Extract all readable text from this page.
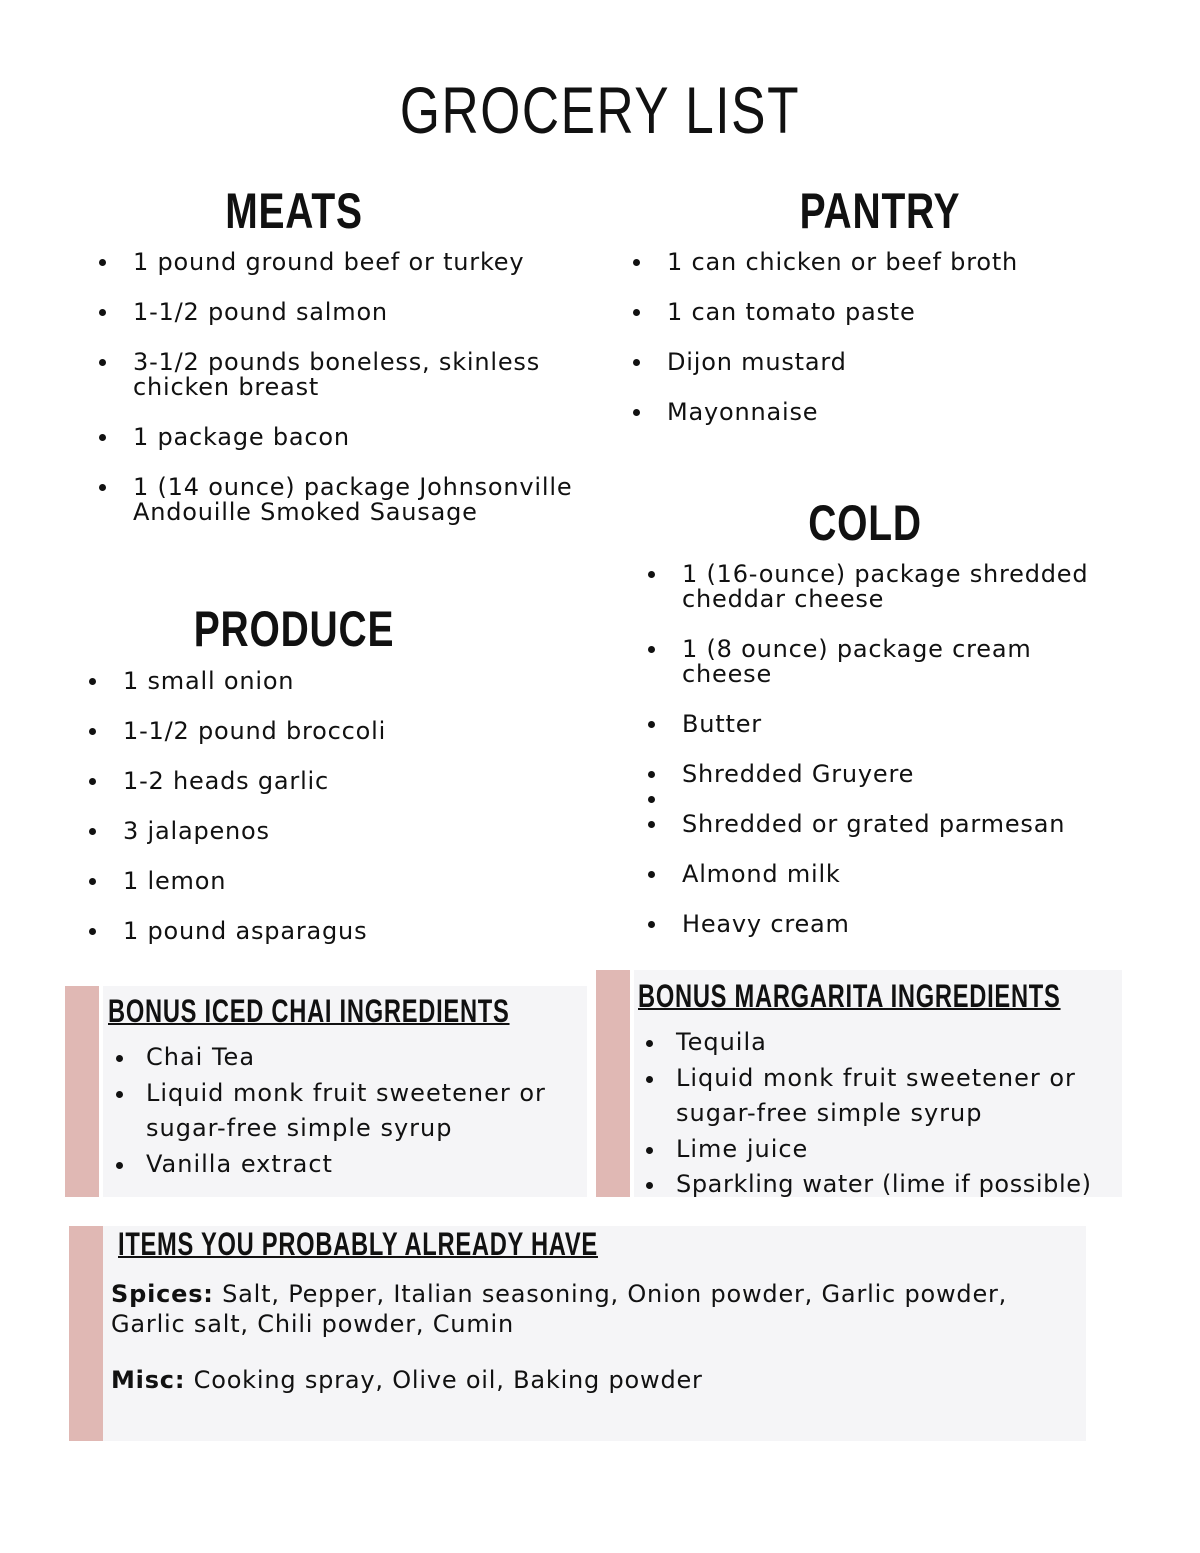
GROCERY LIST
MEATS
1 pound ground beef or turkey
1-1/2 pound salmon
3-1/2 pounds boneless, skinless chicken breast
1 package bacon
1 (14 ounce) package Johnsonville Andouille Smoked Sausage
PANTRY
1 can chicken or beef broth
1 can tomato paste
Dijon mustard
Mayonnaise
PRODUCE
1 small onion
1-1/2 pound broccoli
1-2 heads garlic
3 jalapenos
1 lemon
1 pound asparagus
COLD
1 (16-ounce) package shredded cheddar cheese
1 (8 ounce) package cream cheese
Butter
Shredded Gruyere
Shredded or grated parmesan
Almond milk
Heavy cream
BONUS ICED CHAI INGREDIENTS
Chai Tea
Liquid monk fruit sweetener or sugar-free simple syrup
Vanilla extract
BONUS MARGARITA INGREDIENTS
Tequila
Liquid monk fruit sweetener or sugar-free simple syrup
Lime juice
Sparkling water (lime if possible)
ITEMS YOU PROBABLY ALREADY HAVE

Spices: Salt, Pepper, Italian seasoning, Onion powder, Garlic powder, Garlic salt, Chili powder, Cumin

Misc: Cooking spray, Olive oil, Baking powder
